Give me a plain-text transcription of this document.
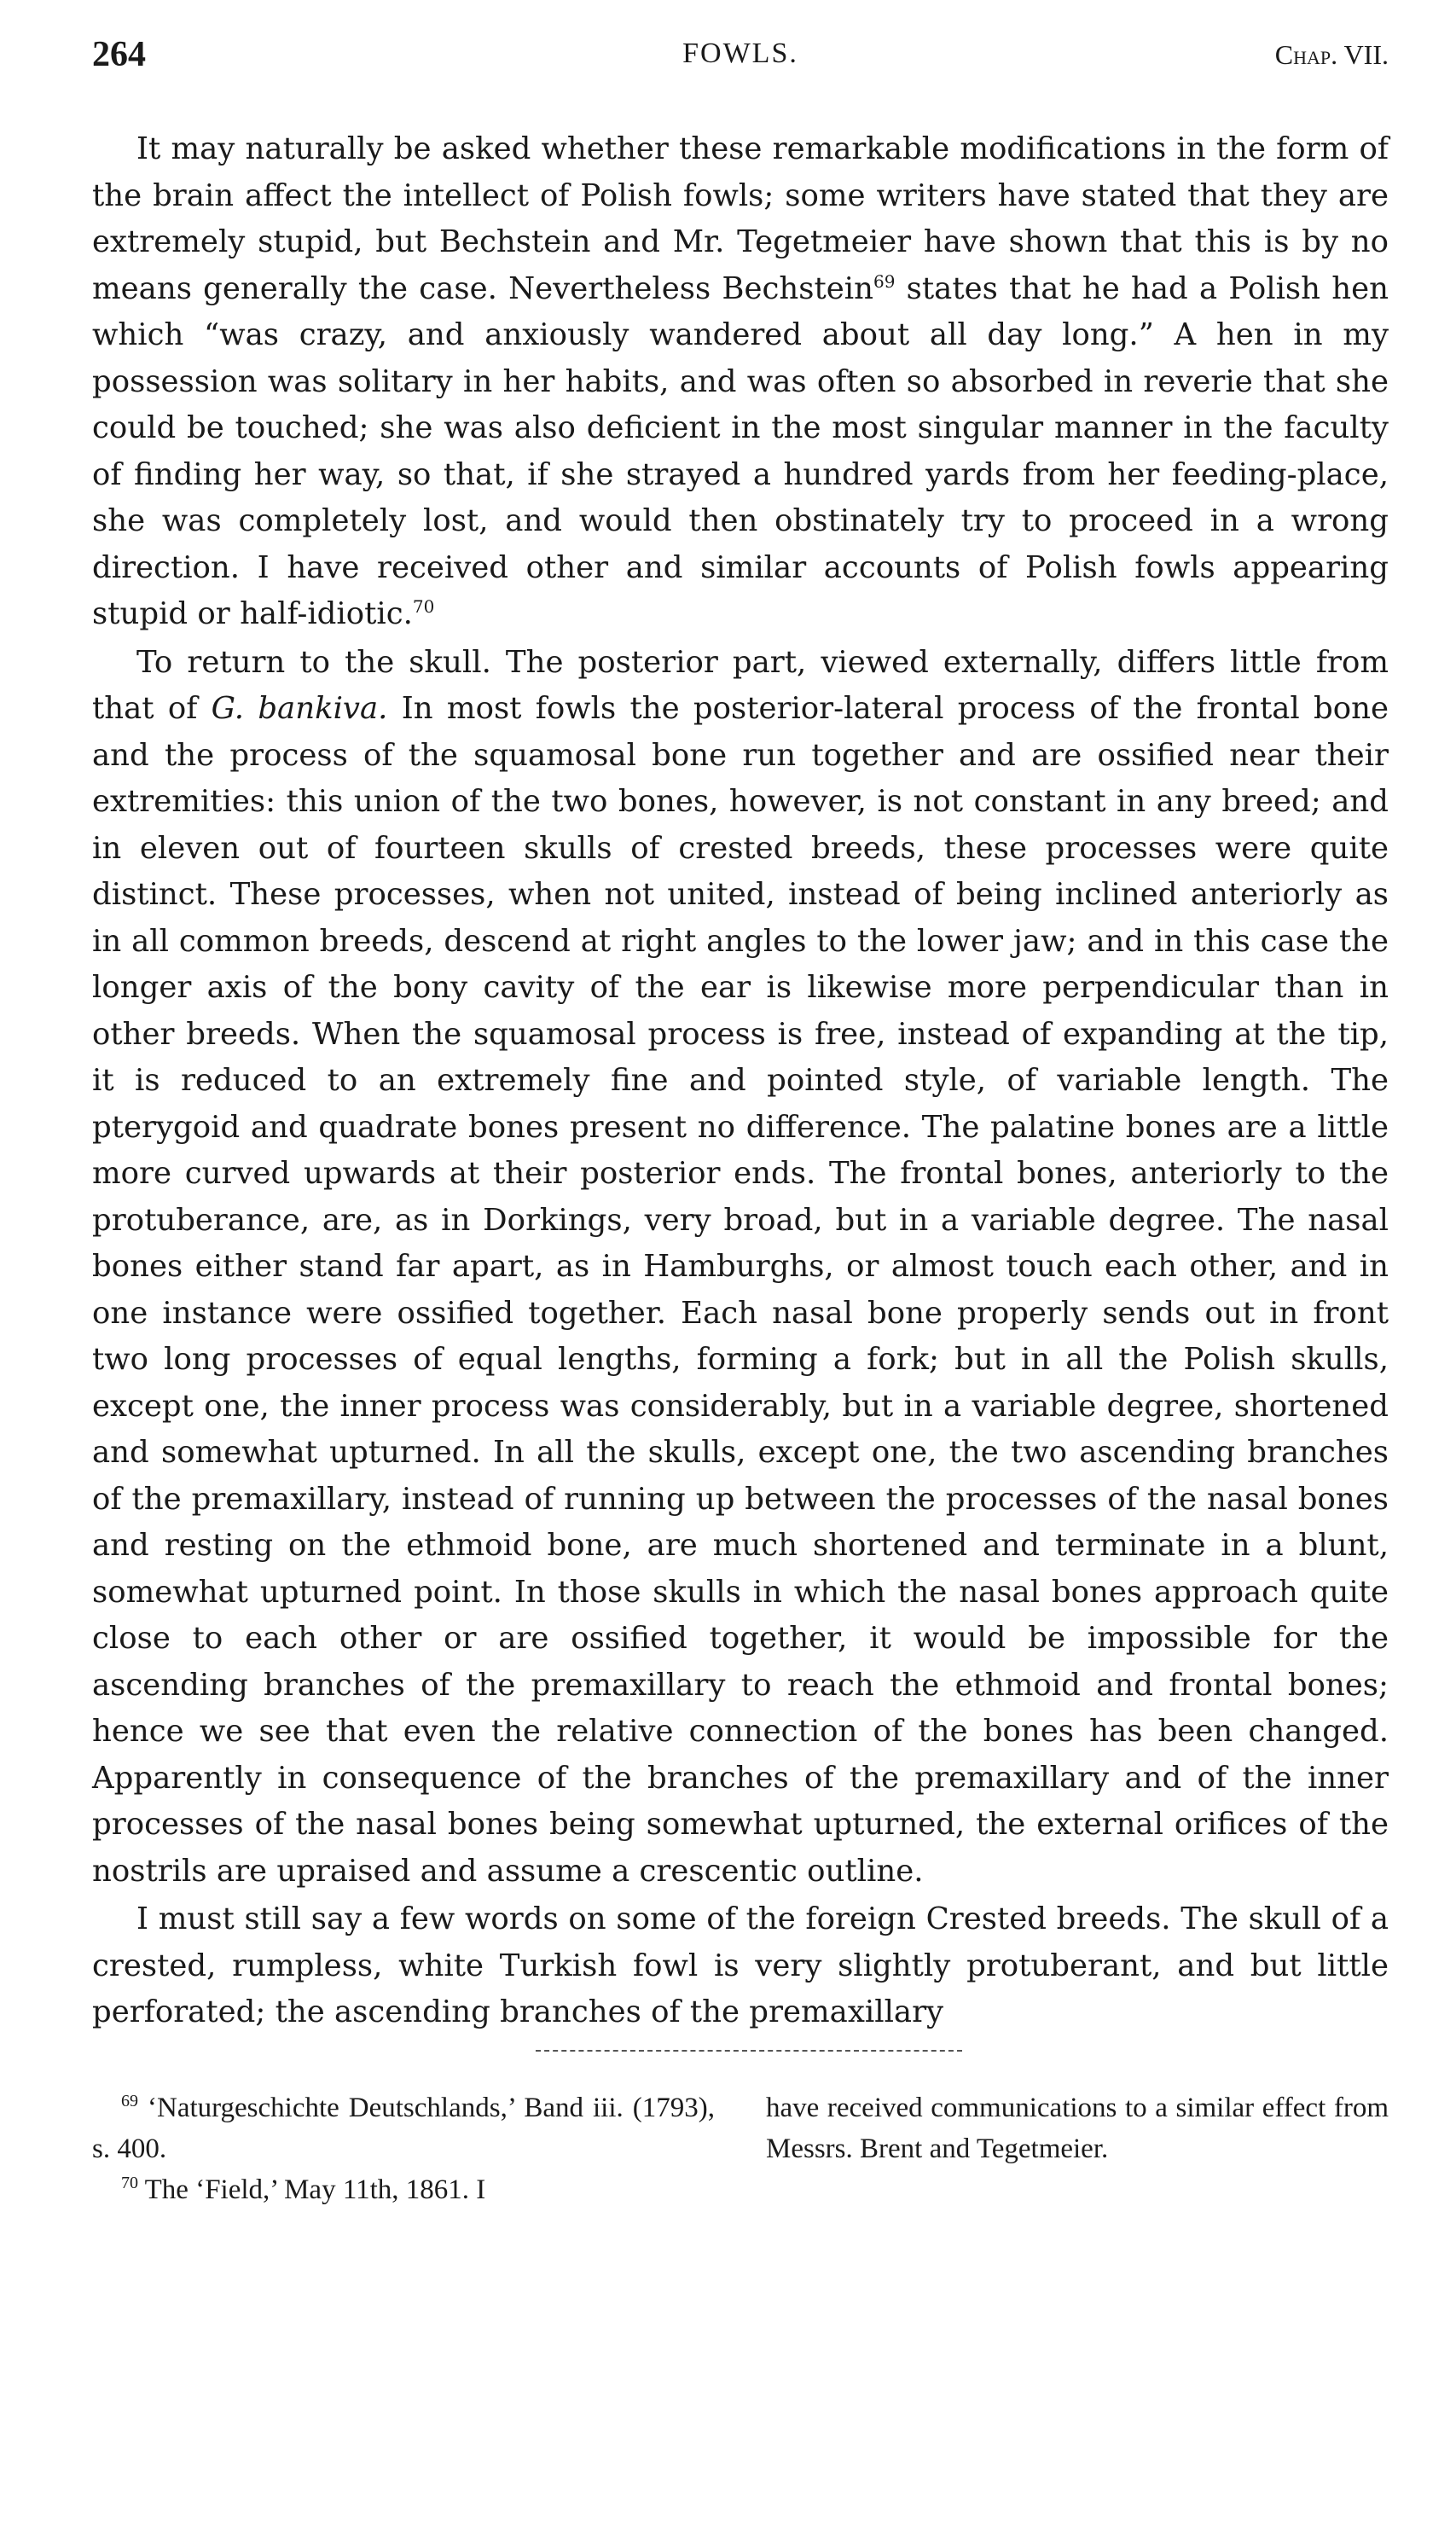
264	FOWLS.	Chap. VII.

It may naturally be asked whether these remarkable modifications in the form of the brain affect the intellect of Polish fowls; some writers have stated that they are extremely stupid, but Bechstein and Mr. Tegetmeier have shown that this is by no means generally the case. Nevertheless Bechstein$^{69}$ states that he had a Polish hen which “was crazy, and anxiously wandered about all day long.” A hen in my possession was solitary in her habits, and was often so absorbed in reverie that she could be touched; she was also deficient in the most singular manner in the faculty of finding her way, so that, if she strayed a hundred yards from her feeding-place, she was completely lost, and would then obstinately try to proceed in a wrong direction. I have received other and similar accounts of Polish fowls appearing stupid or half-idiotic.$^{70}$

To return to the skull. The posterior part, viewed externally, differs little from that of G. bankiva. In most fowls the posterior-lateral process of the frontal bone and the process of the squamosal bone run together and are ossified near their extremities: this union of the two bones, however, is not constant in any breed; and in eleven out of fourteen skulls of crested breeds, these processes were quite distinct. These processes, when not united, instead of being inclined anteriorly as in all common breeds, descend at right angles to the lower jaw; and in this case the longer axis of the bony cavity of the ear is likewise more perpendicular than in other breeds. When the squamosal process is free, instead of expanding at the tip, it is reduced to an extremely fine and pointed style, of variable length. The pterygoid and quadrate bones present no difference. The palatine bones are a little more curved upwards at their posterior ends. The frontal bones, anteriorly to the protuberance, are, as in Dorkings, very broad, but in a variable degree. The nasal bones either stand far apart, as in Hamburghs, or almost touch each other, and in one instance were ossified together. Each nasal bone properly sends out in front two long processes of equal lengths, forming a fork; but in all the Polish skulls, except one, the inner process was considerably, but in a variable degree, shortened and somewhat upturned. In all the skulls, except one, the two ascending branches of the premaxillary, instead of running up between the processes of the nasal bones and resting on the ethmoid bone, are much shortened and terminate in a blunt, somewhat upturned point. In those skulls in which the nasal bones approach quite close to each other or are ossified together, it would be impossible for the ascending branches of the premaxillary to reach the ethmoid and frontal bones; hence we see that even the relative connection of the bones has been changed. Apparently in consequence of the branches of the premaxillary and of the inner processes of the nasal bones being somewhat upturned, the external orifices of the nostrils are upraised and assume a crescentic outline.

I must still say a few words on some of the foreign Crested breeds. The skull of a crested, rumpless, white Turkish fowl is very slightly protuberant, and but little perforated; the ascending branches of the premaxillary

$^{69}$ ‘Naturgeschichte Deutschlands,’ Band iii. (1793), s. 400.

$^{70}$ The ‘Field,’ May 11th, 1861. I

have received communications to a similar effect from Messrs. Brent and Tegetmeier.
